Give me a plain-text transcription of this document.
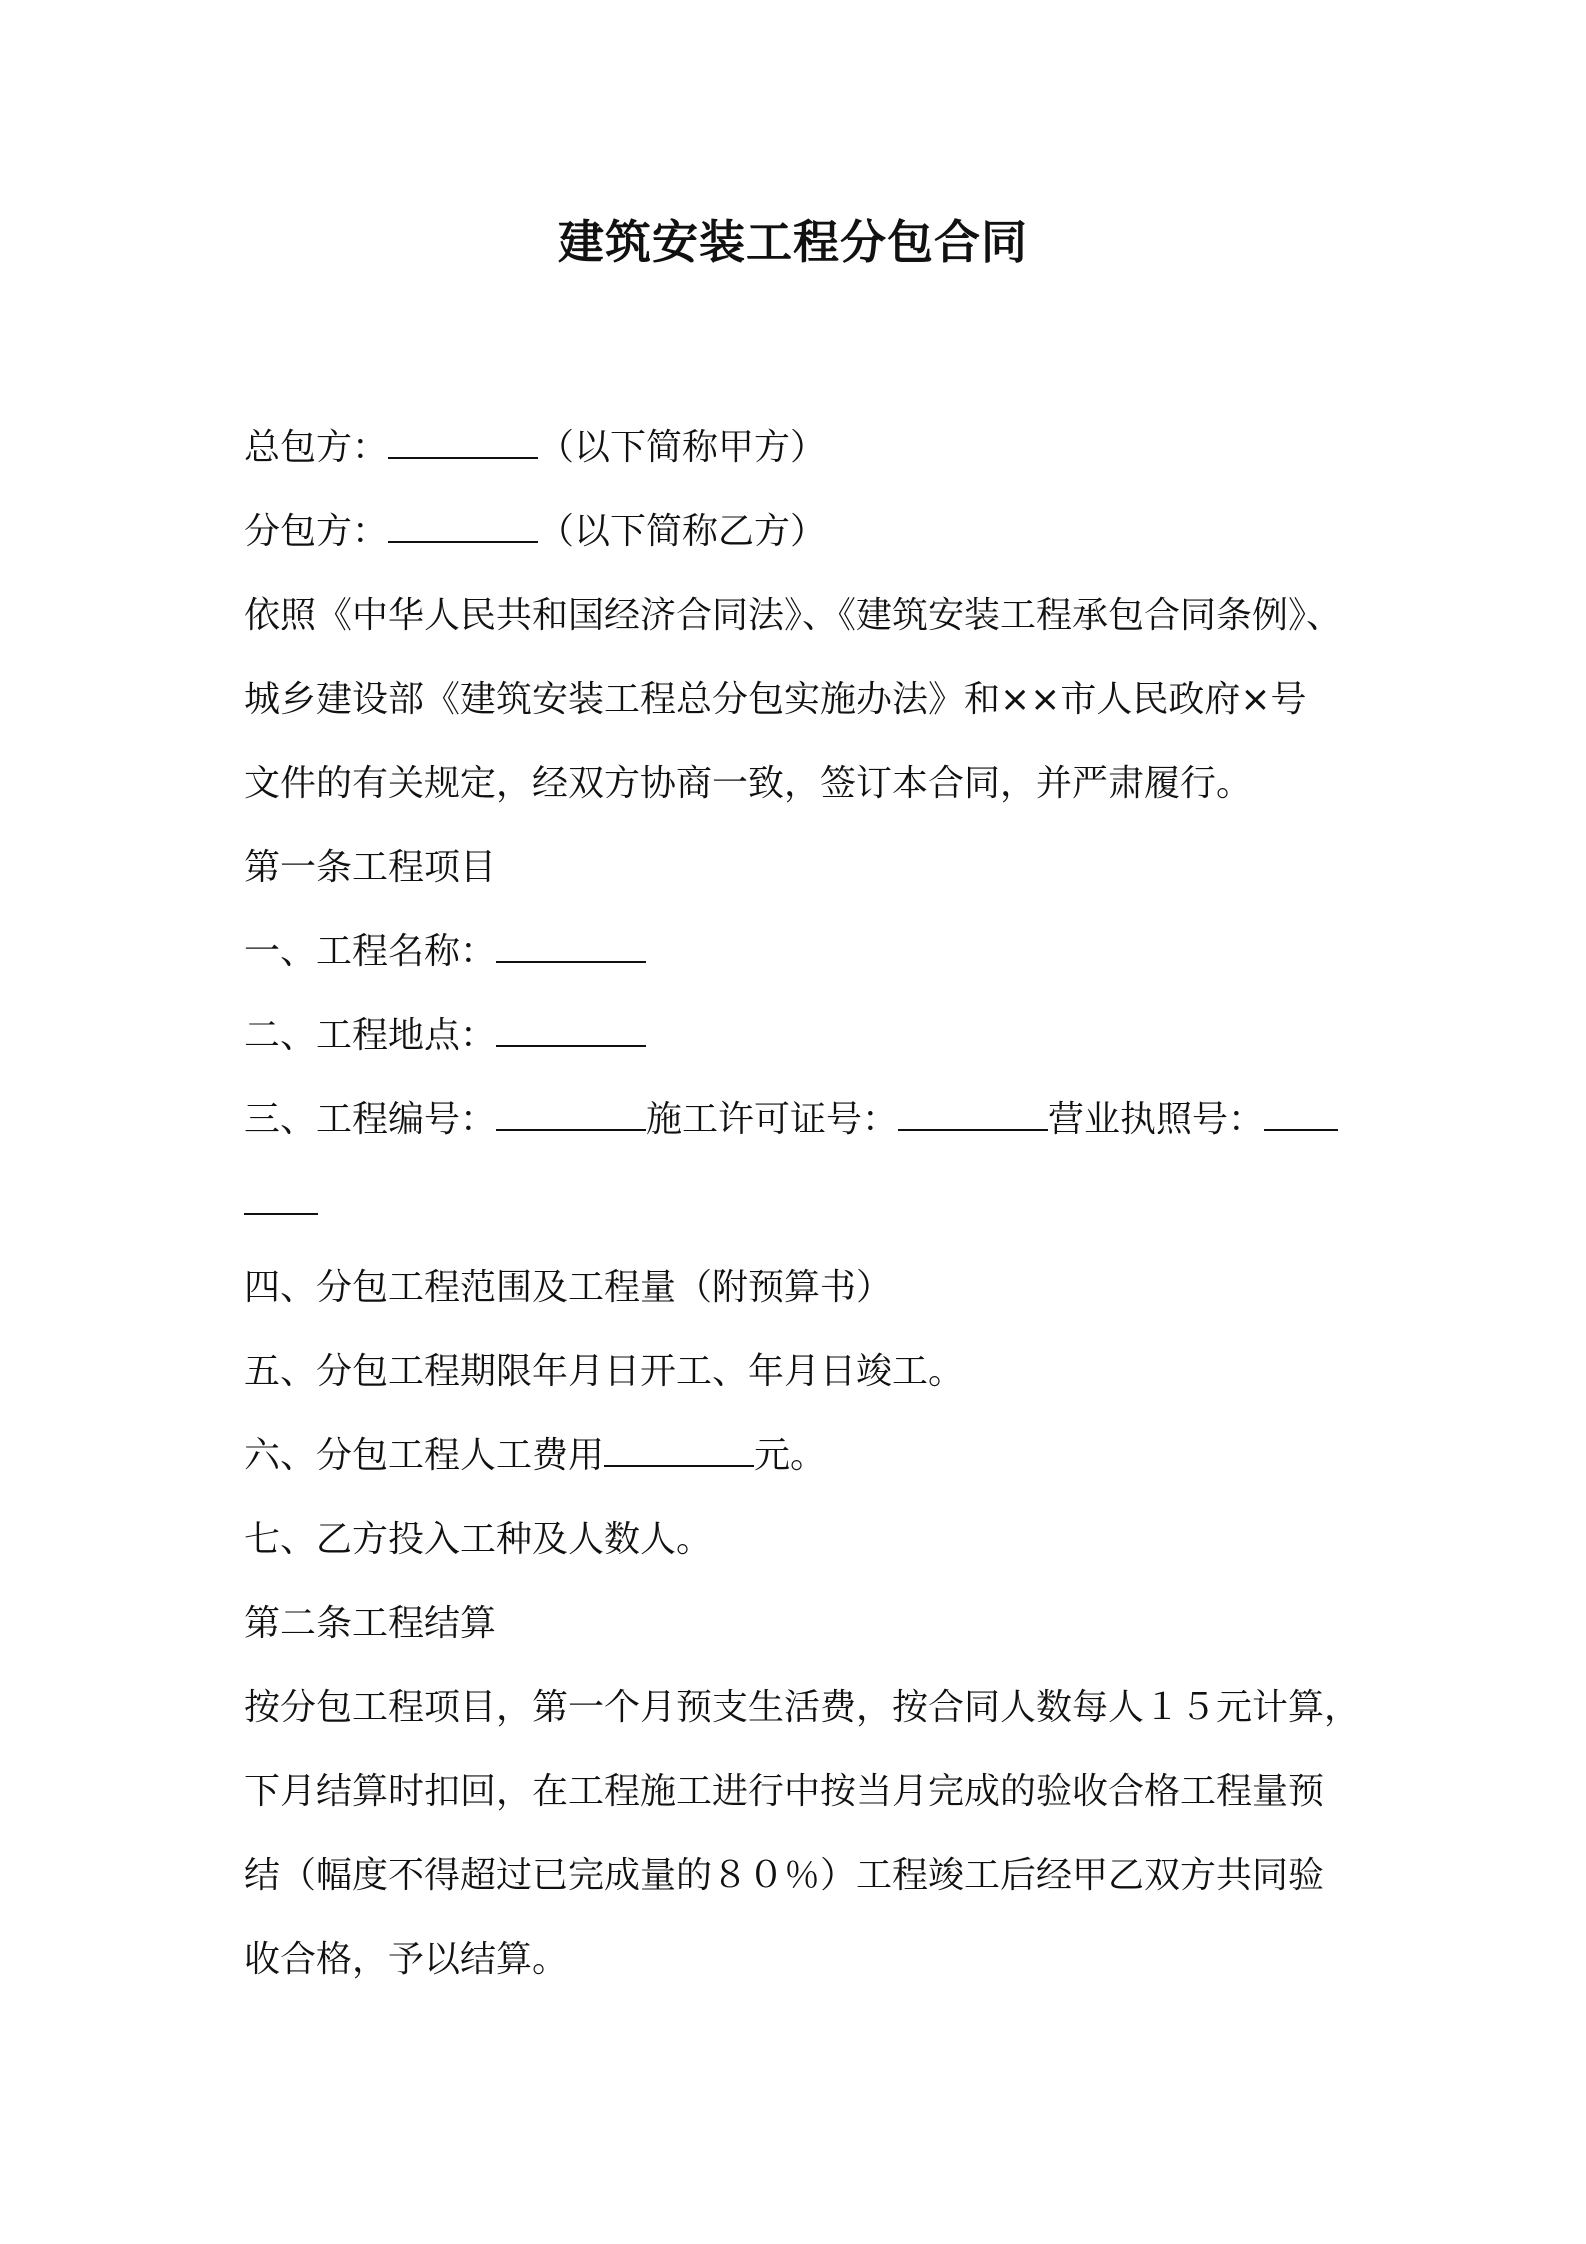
建筑安装工程分包合同
总包方：	（以下简称甲方）
分包方：	（以下简称乙方）
依照《中华人民共和国经济合同法》、《建筑安装工程承包合同条例》、
城乡建设部《建筑安装工程总分包实施办法》和××市人民政府×号
文件的有关规定，经双方协商一致，签订本合同，并严肃履行。
第一条工程项目
一、工程名称：
二、工程地点：
三、工程编号：	施工许可证号：	营业执照号：
四、分包工程范围及工程量（附预算书）
五、分包工程期限年月日开工、年月日竣工。
六、分包工程人工费用	元。
七、乙方投入工种及人数人。
第二条工程结算
按分包工程项目，第一个月预支生活费，按合同人数每人１５元计算，
下月结算时扣回，在工程施工进行中按当月完成的验收合格工程量预
结（幅度不得超过已完成量的８０％）工程竣工后经甲乙双方共同验
收合格，予以结算。
